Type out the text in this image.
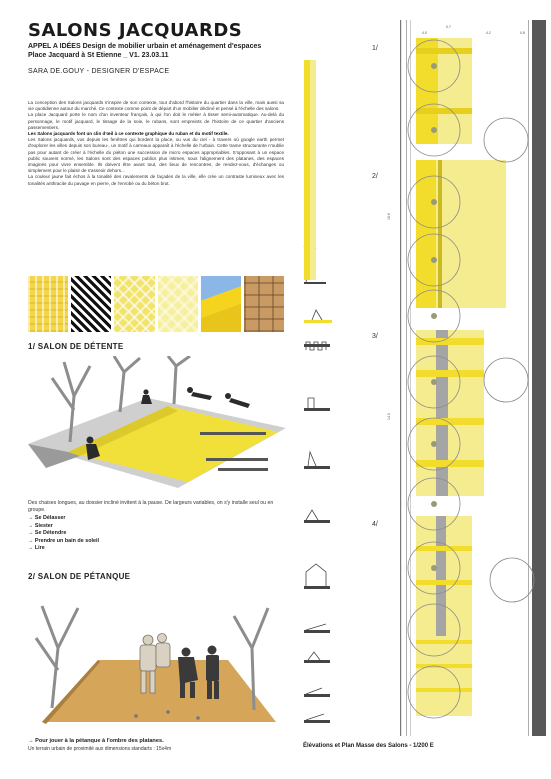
SALONS JACQUARDS
APPEL A IDÉES Design de mobilier urbain et aménagement d'espaces
Place Jacquard à St Etienne _ V1. 23.03.11
SARA DE.GOUY - DESIGNER D'ESPACE

La conception des Salons jacquards s'inspire de son contexte, tout d'abord l'histoire du quartier dans la ville, mais aussi sa vie quotidienne autour du marché. Ce contexte comme point de départ d'un mobilier décliné et pensé à l'échelle des salons.

La place Jacquard porte le nom d'un inventeur français, à qui l'on doit le métier à tisser semi-automatique. Au-delà du personnage, le motif jacquard, le tissage de la soie, le rubans, sont empreints de l'histoire de ce quartier d'anciens passementiers.

Les Salons jacquards font un clin d'œil à ce contexte graphique du ruban et du motif textile.

Les Salons jacquards, vus depuis les fenêtres qui bordent la place, ou vus du ciel - à travers où google earth permet d'explorer les villes depuis son bureau-, un motif à carreaux apparaît à l'échelle de l'urbain. Cette trame structurante n'oublie pas pour autant de créer à l'échelle du piéton une succession de micro espaces appropriables. S'opposant à un espace public souvent normé, les Salons sont des espaces publics plus intimes, sous l'alignement des platanes, des espaces imaginés pour vivre ensemble. Ils doivent être avant tout, des lieux de rencontres, de rendez-vous, d'échanges ou simplement pour le plaisir de s'asseoir dehors...

La couleur jaune fait échos à la tonalité des ravalements de façades de la ville, elle crée un contraste lumineux avec les tonalités anthracite du pavage en pierre, de l'enrobé ou du béton brut.

1/ SALON DE DÉTENTE
Des chaises longues, au dossier incliné invitent à la pause. De largeurs variables, on s'y installe seul ou en groupe.
→ Se Délasser
→ Siester
→ Se Détendre
→ Prendre un bain de soleil
→ Lire
2/ SALON DE PÉTANQUE
→ Pour jouer à la pétanque à l'ombre des platanes.
Un terrain urbain de proximité aux dimensions standarts : 15x4m
1/
2/
3/
4/
0.7
4.0
16.6
14.0
4.2	0.8
Élévations et Plan Masse des Salons - 1/200 E
